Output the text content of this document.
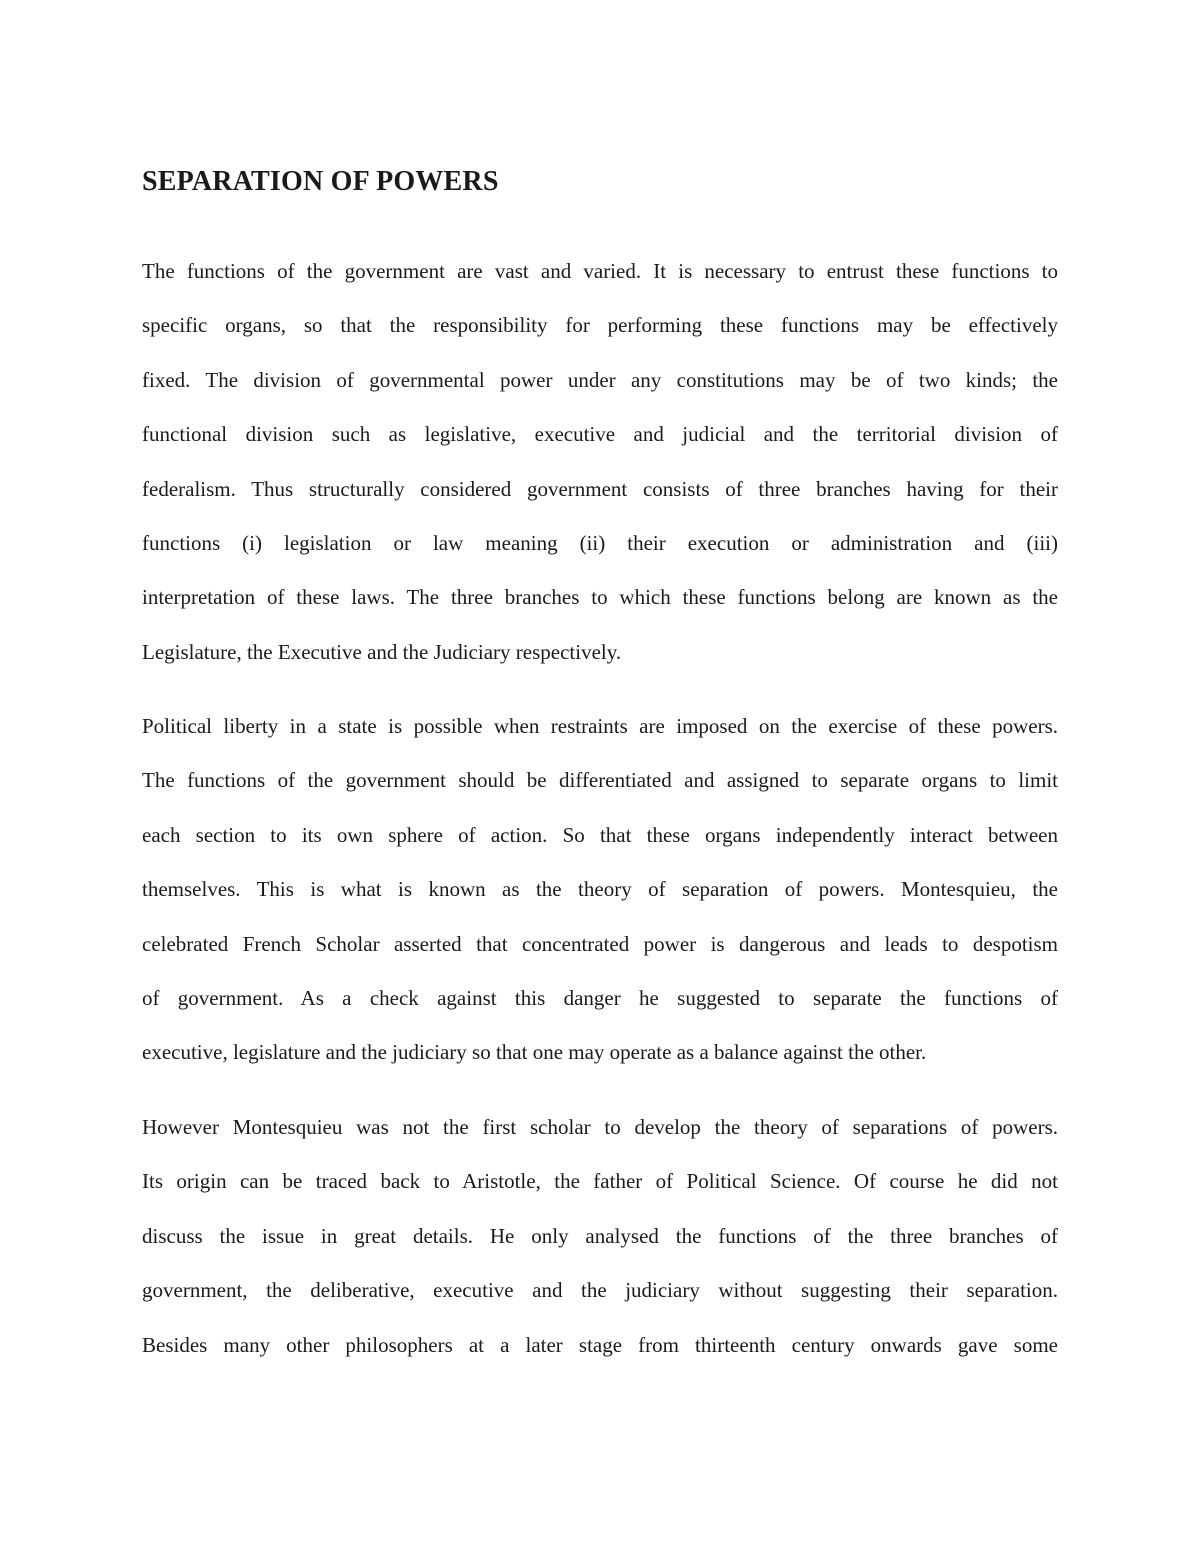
SEPARATION OF POWERS
The functions of the government are vast and varied. It is necessary to entrust these functions to
specific organs, so that the responsibility for performing these functions may be effectively
fixed. The division of governmental power under any constitutions may be of two kinds; the
functional division such as legislative, executive and judicial and the territorial division of
federalism. Thus structurally considered government consists of three branches having for their
functions (i) legislation or law meaning (ii) their execution or administration and (iii)
interpretation of these laws. The three branches to which these functions belong are known as the
Legislature, the Executive and the Judiciary respectively.
Political liberty in a state is possible when restraints are imposed on the exercise of these powers.
The functions of the government should be differentiated and assigned to separate organs to limit
each section to its own sphere of action. So that these organs independently interact between
themselves. This is what is known as the theory of separation of powers. Montesquieu, the
celebrated French Scholar asserted that concentrated power is dangerous and leads to despotism
of government. As a check against this danger he suggested to separate the functions of
executive, legislature and the judiciary so that one may operate as a balance against the other.
However Montesquieu was not the first scholar to develop the theory of separations of powers.
Its origin can be traced back to Aristotle, the father of Political Science. Of course he did not
discuss the issue in great details. He only analysed the functions of the three branches of
government, the deliberative, executive and the judiciary without suggesting their separation.
Besides many other philosophers at a later stage from thirteenth century onwards gave some
